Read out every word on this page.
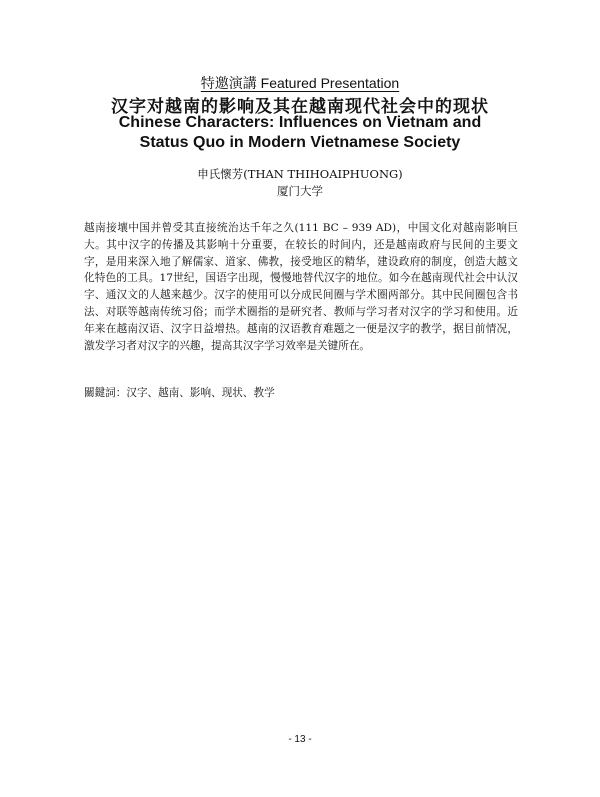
特邀演講 Featured Presentation
汉字对越南的影响及其在越南现代社会中的现状
Chinese Characters: Influences on Vietnam and Status Quo in Modern Vietnamese Society
申氏懷芳(THAN THIHOAIPHUONG)
厦门大学

越南接壤中国并曾受其直接统治达千年之久(111 BC – 939 AD)，中国文化对越南影响巨大。其中汉字的传播及其影响十分重要，在较长的时间内，还是越南政府与民间的主要文字，是用来深入地了解儒家、道家、佛教，接受地区的精华，建设政府的制度，创造大越文化特色的工具。17世纪，国语字出现，慢慢地替代汉字的地位。如今在越南现代社会中认汉字、通汉文的人越来越少。汉字的使用可以分成民间圈与学术圈两部分。其中民间圈包含书法、对联等越南传统习俗；而学术圈指的是研究者、教师与学习者对汉字的学习和使用。近年来在越南汉语、汉字日益增热。越南的汉语教育难题之一便是汉字的教学，据目前情况，激发学习者对汉字的兴趣，提高其汉字学习效率是关键所在。

關鍵詞：汉字、越南、影响、现状、教学

- 13 -
